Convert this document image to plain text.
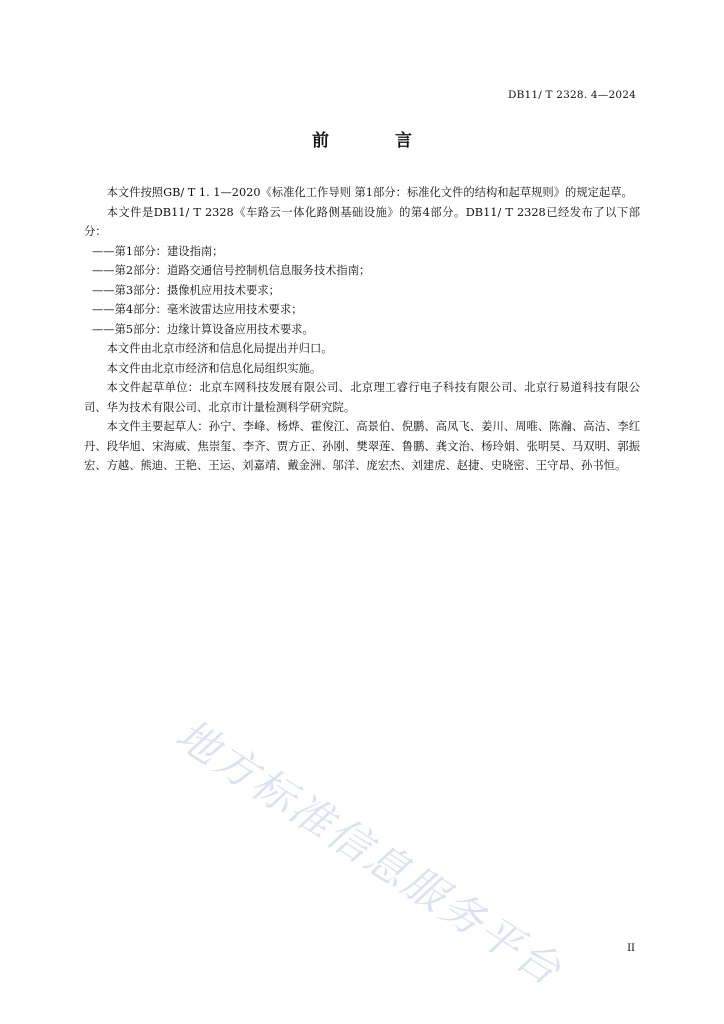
DB11/ T 2328. 4—2024
前 言

本文件按照GB/ T 1. 1—2020《标准化工作导则 第1部分：标准化文件的结构和起草规则》的规定起草。

本文件是DB11/ T 2328《车路云一体化路侧基础设施》的第4部分。DB11/ T 2328已经发布了以下部分：

——第1部分：建设指南；

——第2部分：道路交通信号控制机信息服务技术指南；

——第3部分：摄像机应用技术要求；

——第4部分：毫米波雷达应用技术要求；

——第5部分：边缘计算设备应用技术要求。

本文件由北京市经济和信息化局提出并归口。

本文件由北京市经济和信息化局组织实施。

本文件起草单位：北京车网科技发展有限公司、北京理工睿行电子科技有限公司、北京行易道科技有限公司、华为技术有限公司、北京市计量检测科学研究院。

本文件主要起草人：孙宁、李峰、杨烨、霍俊江、高景伯、倪鹏、高凤飞、姜川、周唯、陈瀚、高洁、李红丹、段华旭、宋海威、焦崇玺、李齐、贾方正、孙刚、樊翠莲、鲁鹏、龚文治、杨玲娟、张明昊、马双明、郭振宏、方越、熊迪、王艳、王运、刘嘉靖、戴金洲、邬洋、庞宏杰、刘建虎、赵捷、史晓密、王守昂、孙书恒。

地方标准信息服务平台	II
